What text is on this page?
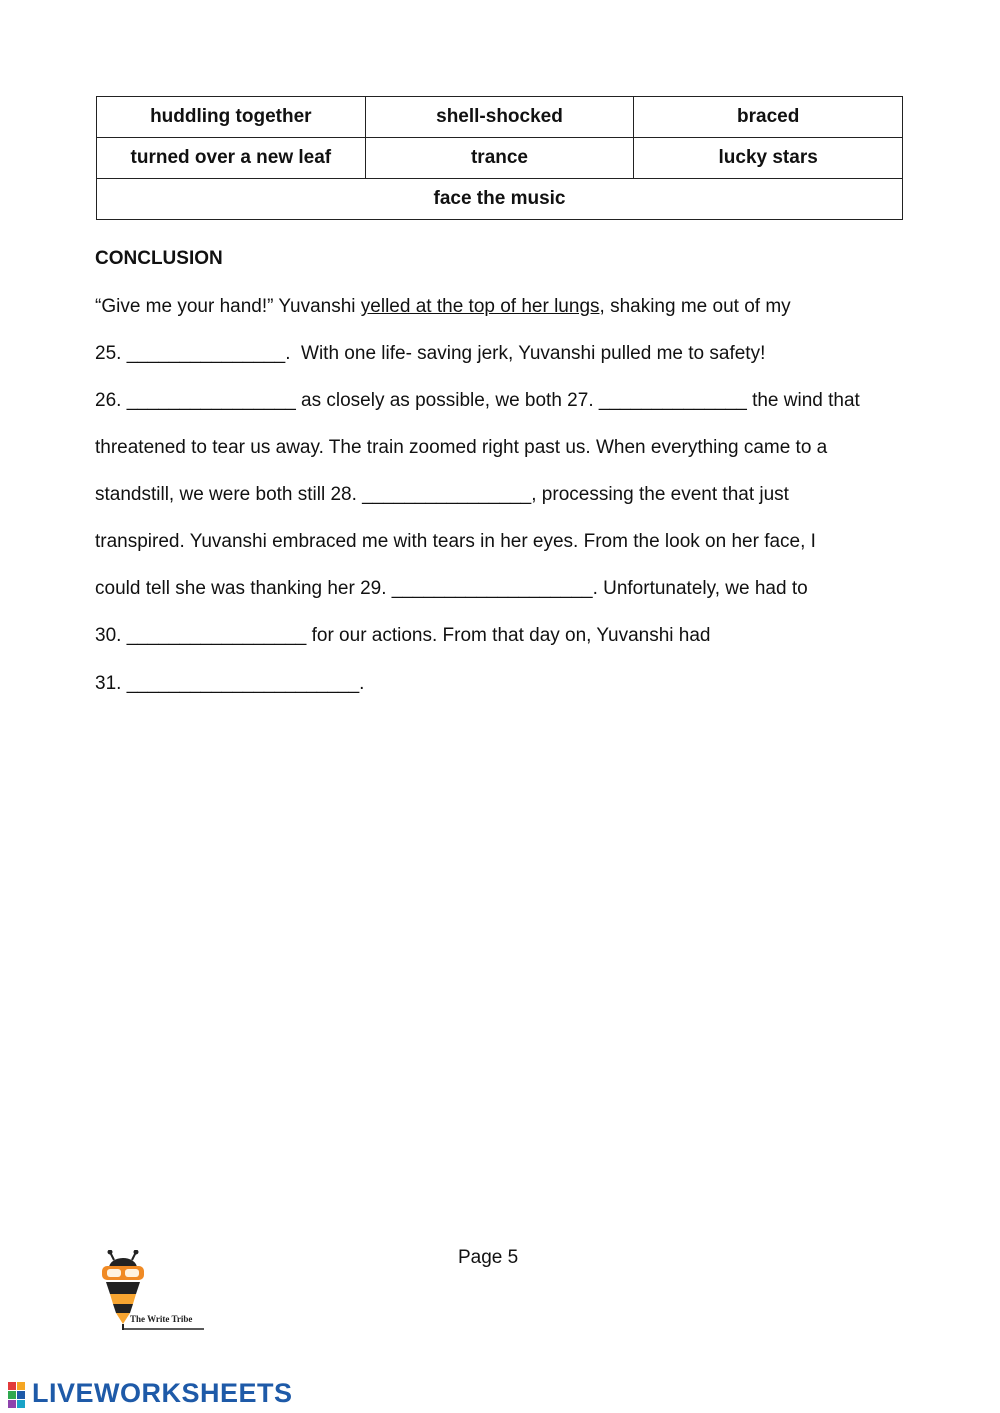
huddling together	shell-shocked	braced
turned over a new leaf	trance	lucky stars
face the music		
CONCLUSION
“Give me your hand!” Yuvanshi yelled at the top of her lungs, shaking me out of my
25. _______________.  With one life- saving jerk, Yuvanshi pulled me to safety!
26. ________________ as closely as possible, we both 27. ______________ the wind that
threatened to tear us away. The train zoomed right past us. When everything came to a
standstill, we were both still 28. ________________, processing the event that just
transpired. Yuvanshi embraced me with tears in her eyes. From the look on her face, I
could tell she was thanking her 29. ___________________. Unfortunately, we had to
30. _________________ for our actions. From that day on, Yuvanshi had
31. ______________________.
Page 5
The Write Tribe
LIVEWORKSHEETS
